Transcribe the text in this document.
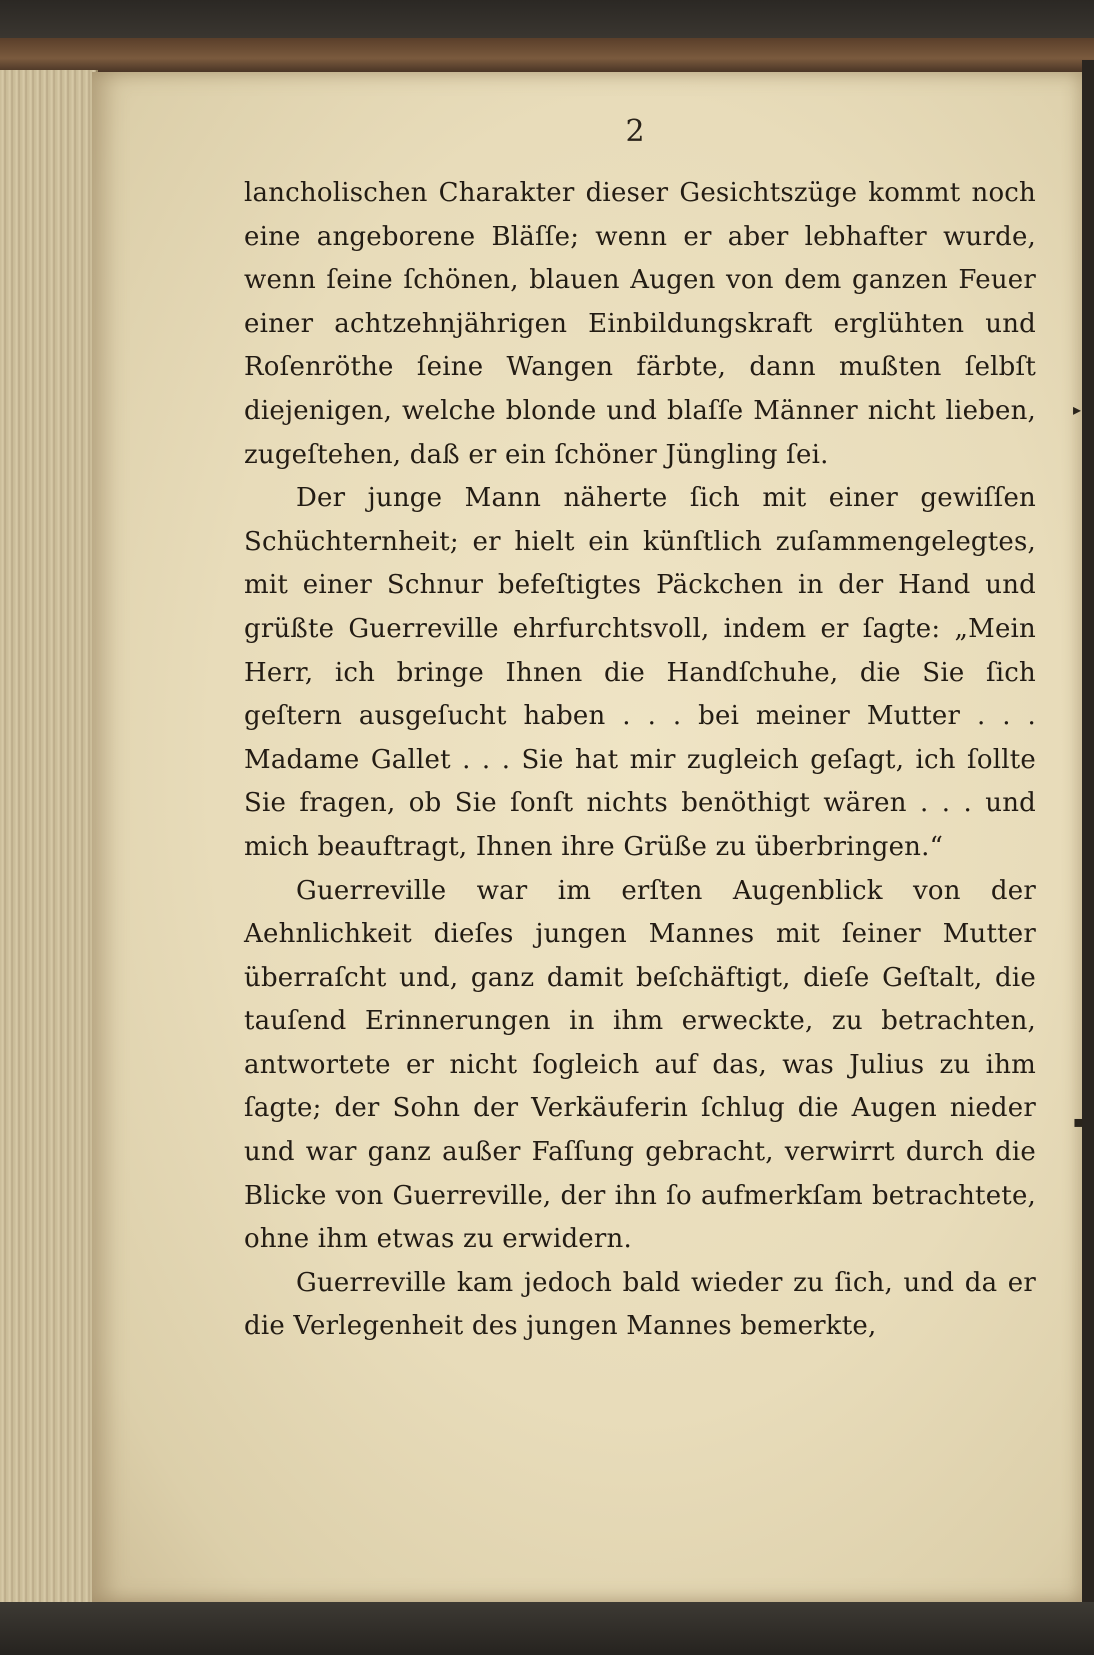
▸
▪
2

lancholischen Charakter dieser Gesichtszüge kommt noch eine angeborene Bläſſe; wenn er aber lebhafter wurde, wenn ſeine ſchönen, blauen Augen von dem ganzen Feuer einer achtzehnjährigen Einbildungskraft erglühten und Roſenröthe ſeine Wangen färbte, dann mußten ſelbſt diejenigen, welche blonde und blaſſe Männer nicht lieben, zugeſtehen, daß er ein ſchöner Jüngling ſei.

Der junge Mann näherte ſich mit einer gewiſſen Schüchternheit; er hielt ein künſtlich zuſammengelegtes, mit einer Schnur befeſtigtes Päckchen in der Hand und grüßte Guerreville ehrfurchtsvoll, indem er ſagte: „Mein Herr, ich bringe Ihnen die Handſchuhe, die Sie ſich geſtern ausgeſucht haben . . . bei meiner Mutter . . . Madame Gallet . . . Sie hat mir zugleich geſagt, ich ſollte Sie fragen, ob Sie ſonſt nichts benöthigt wären . . . und mich beauftragt, Ihnen ihre Grüße zu überbringen.“

Guerreville war im erſten Augenblick von der Aehnlichkeit dieſes jungen Mannes mit ſeiner Mutter überraſcht und, ganz damit beſchäftigt, dieſe Geſtalt, die tauſend Erinnerungen in ihm erweckte, zu betrachten, antwortete er nicht ſogleich auf das, was Julius zu ihm ſagte; der Sohn der Verkäuferin ſchlug die Augen nieder und war ganz außer Faſſung gebracht, verwirrt durch die Blicke von Guerreville, der ihn ſo aufmerkſam betrachtete, ohne ihm etwas zu erwidern.

Guerreville kam jedoch bald wieder zu ſich, und da er die Verlegenheit des jungen Mannes bemerkte,
